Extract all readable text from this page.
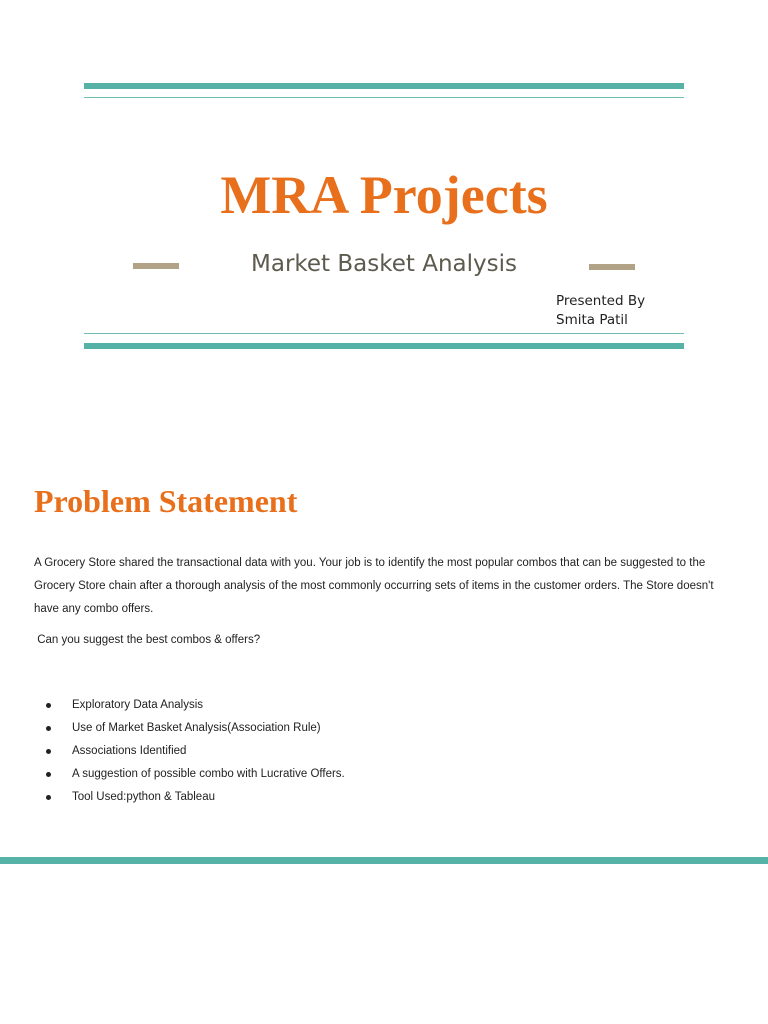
MRA Projects
Market Basket Analysis
Presented By
Smita Patil
Problem Statement

A Grocery Store shared the transactional data with you. Your job is to identify the most popular combos that can be suggested to the Grocery Store chain after a thorough analysis of the most commonly occurring sets of items in the customer orders. The Store doesn't have any combo offers.

Can you suggest the best combos & offers?

Exploratory Data Analysis
Use of Market Basket Analysis(Association Rule)
Associations Identified
A suggestion of possible combo with Lucrative Offers.
Tool Used:python & Tableau
